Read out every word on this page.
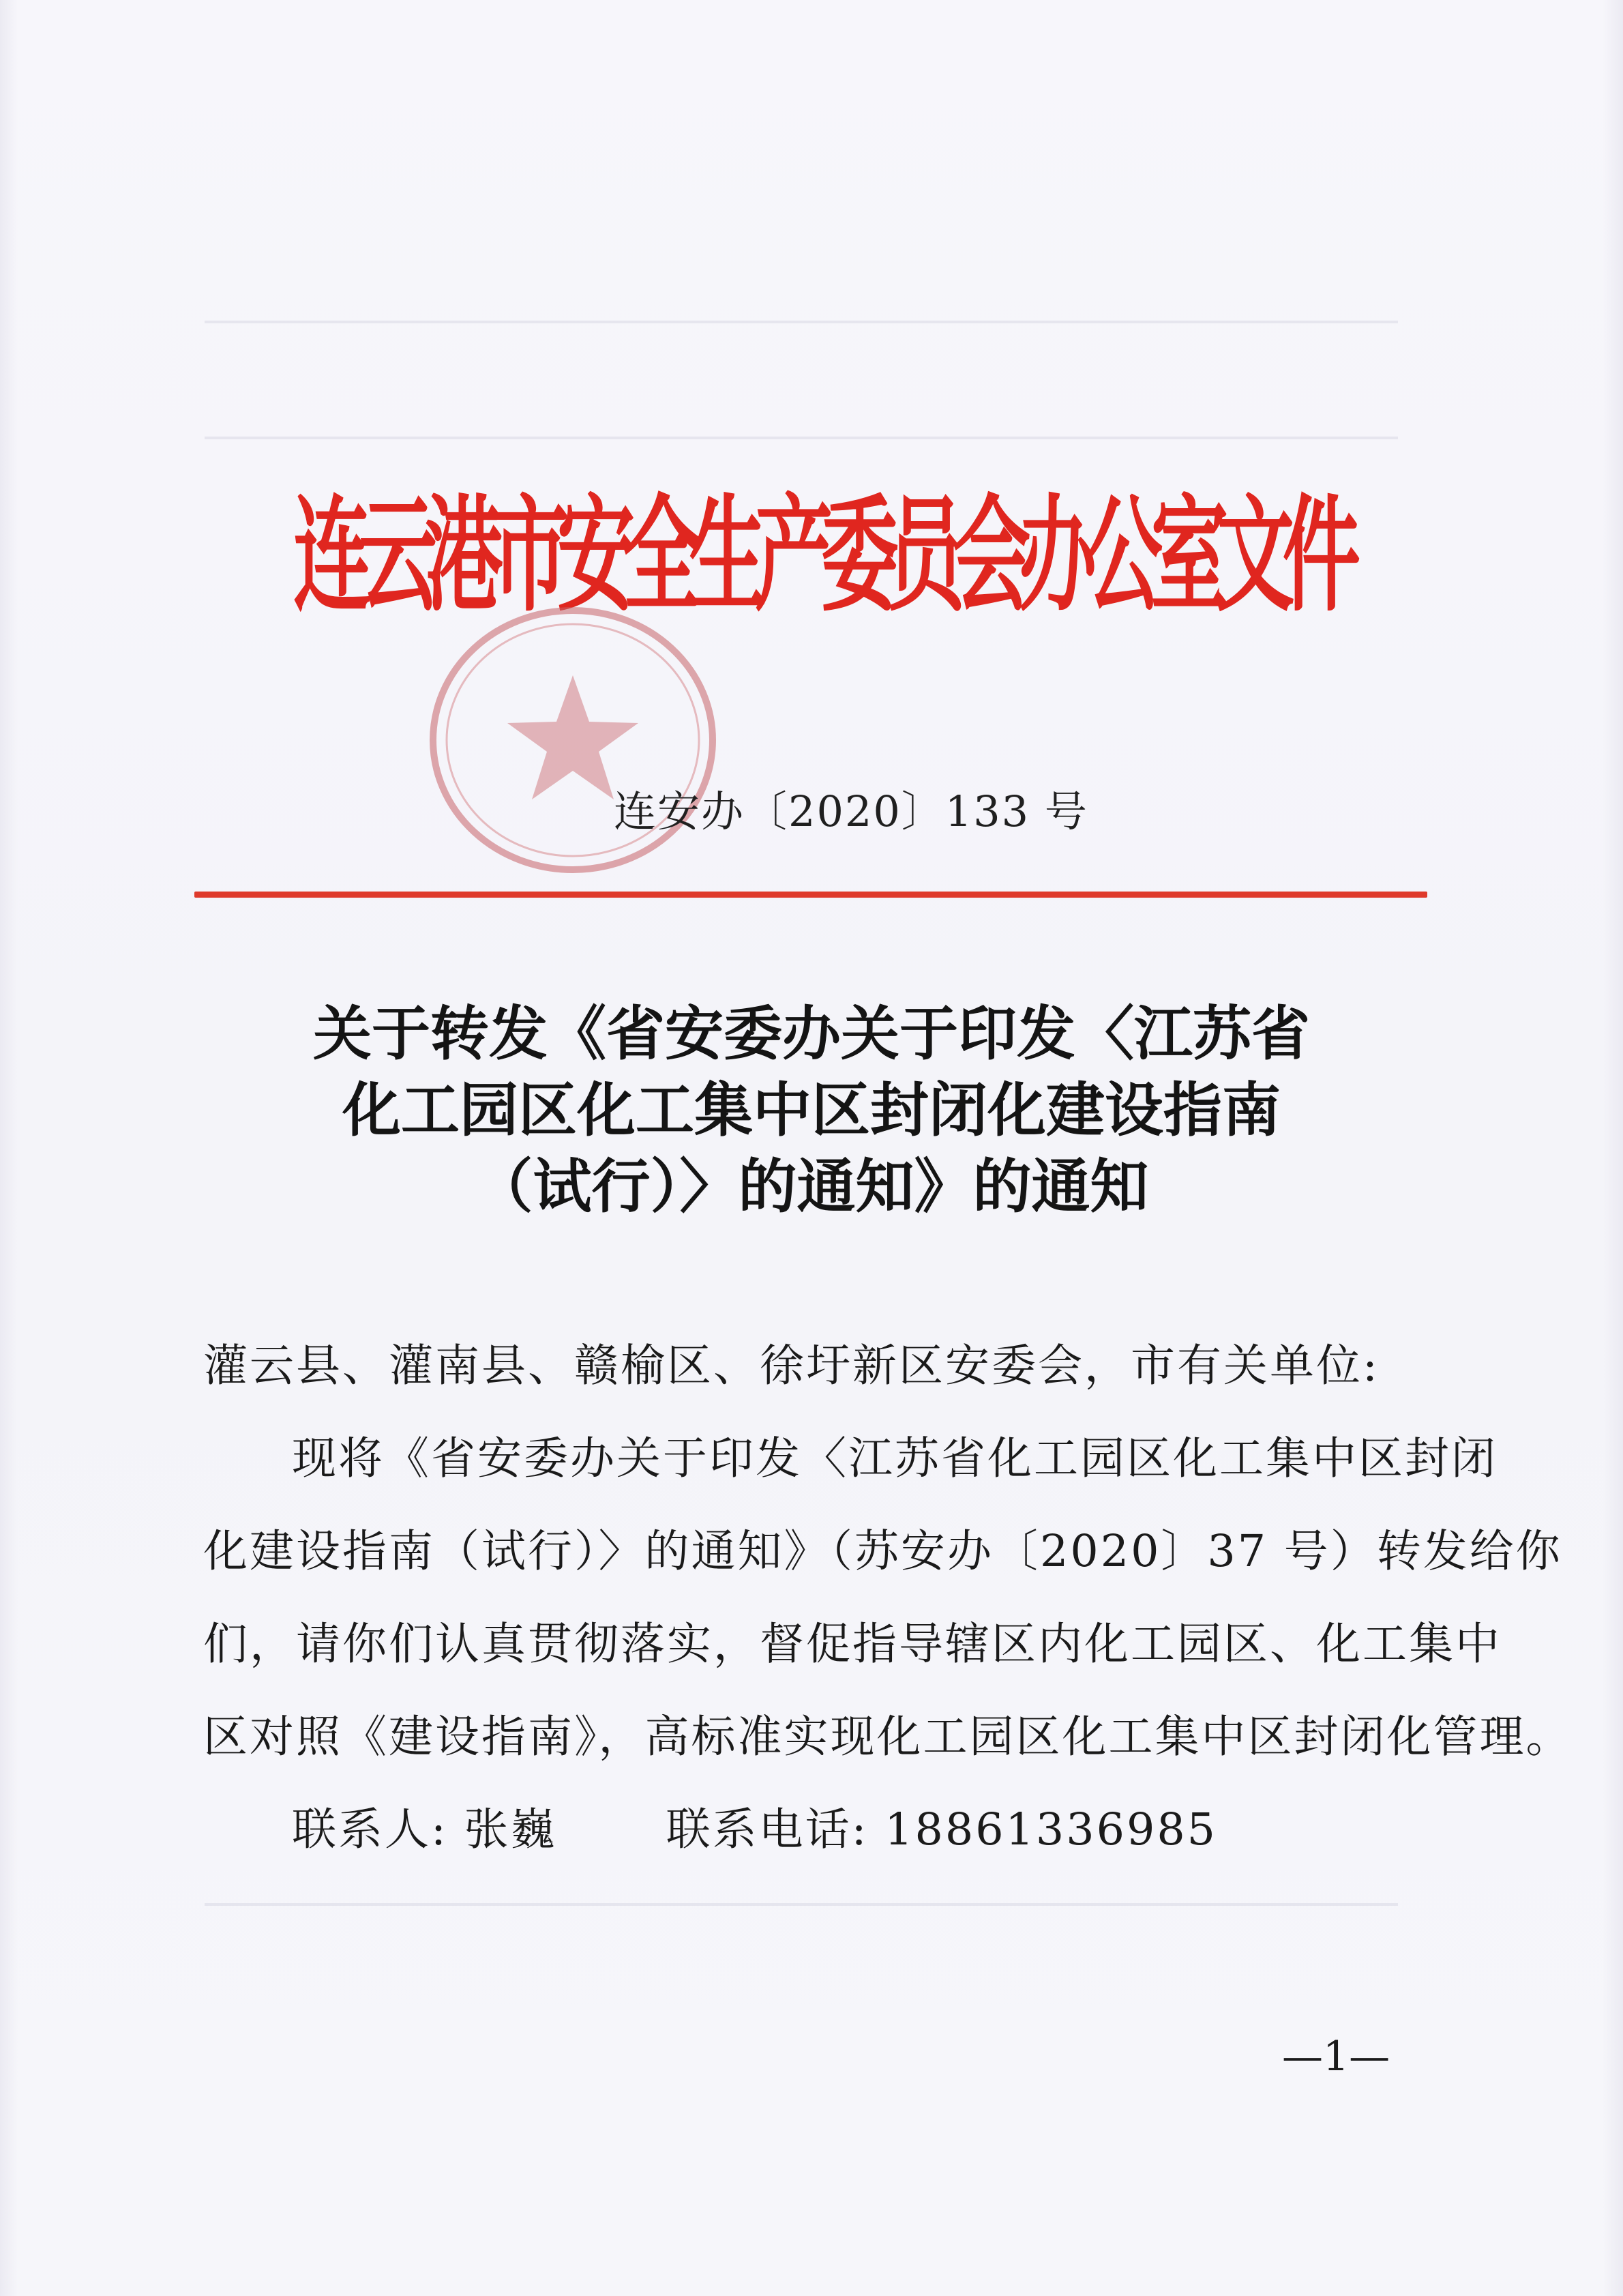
连云港市安全生产委员会办公室文件
连安办〔2020〕133 号
关于转发《省安委办关于印发〈江苏省
化工园区化工集中区封闭化建设指南
（试行）〉的通知》的通知
灌云县、灌南县、赣榆区、徐圩新区安委会，市有关单位:
现将《省安委办关于印发〈江苏省化工园区化工集中区封闭
化建设指南（试行）〉的通知》（苏安办〔2020〕37 号）转发给你
们，请你们认真贯彻落实，督促指导辖区内化工园区、化工集中
区对照《建设指南》，高标准实现化工园区化工集中区封闭化管理。
联系人: 张巍 联系电话: 18861336985
—1—
